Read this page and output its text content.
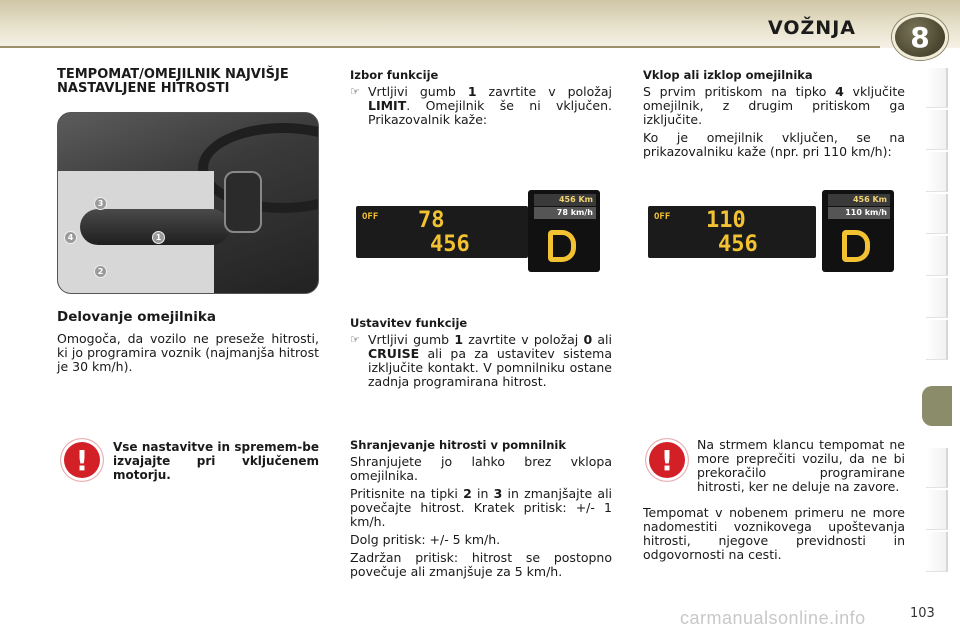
VOŽNJA 8
TEMPOMAT/OMEJILNIK NAJVIŠJE
NASTAVLJENE HITROSTI
1
2
3
4
Delovanje omejilnika

Omogoča, da vozilo ne preseže hitrosti, ki jo programira voznik (najmanjša hitrost je 30 km/h).

! Vse nastavitve in spremem-be izvajajte pri vključenem motorju.

Izbor funkcije
☞ Vrtljivi gumb 1 zavrtite v položaj LIMIT. Omejilnik še ni vključen. Prikazovalnik kaže:
OFF 78
456
456 Km
78 km/h
Ustavitev funkcije
☞ Vrtljivi gumb 1 zavrtite v položaj 0 ali CRUISE ali pa za ustavitev sistema izključite kontakt. V pomnilniku ostane zadnja programirana hitrost.
Shranjevanje hitrosti v pomnilnik

Shranjujete jo lahko brez vklopa omejilnika.

Pritisnite na tipki 2 in 3 in zmanjšajte ali povečajte hitrost. Kratek pritisk: +/- 1 km/h.

Dolg pritisk: +/- 5 km/h.

Zadržan pritisk: hitrost se postopno povečuje ali zmanjšuje za 5 km/h.

Vklop ali izklop omejilnika

S prvim pritiskom na tipko 4 vključite omejilnik, z drugim pritiskom ga izključite.

Ko je omejilnik vključen, se na prikazovalniku kaže (npr. pri 110 km/h):

OFF 110
456
456 Km
110 km/h
! Na strmem klancu tempomat ne more preprečiti vozilu, da ne bi prekoračilo programirane hitrosti, ker ne deluje na zavore.

Tempomat v nobenem primeru ne more nadomestiti voznikovega upoštevanja hitrosti, njegove previdnosti in odgovornosti na cesti.

carmanualsonline.info	103
